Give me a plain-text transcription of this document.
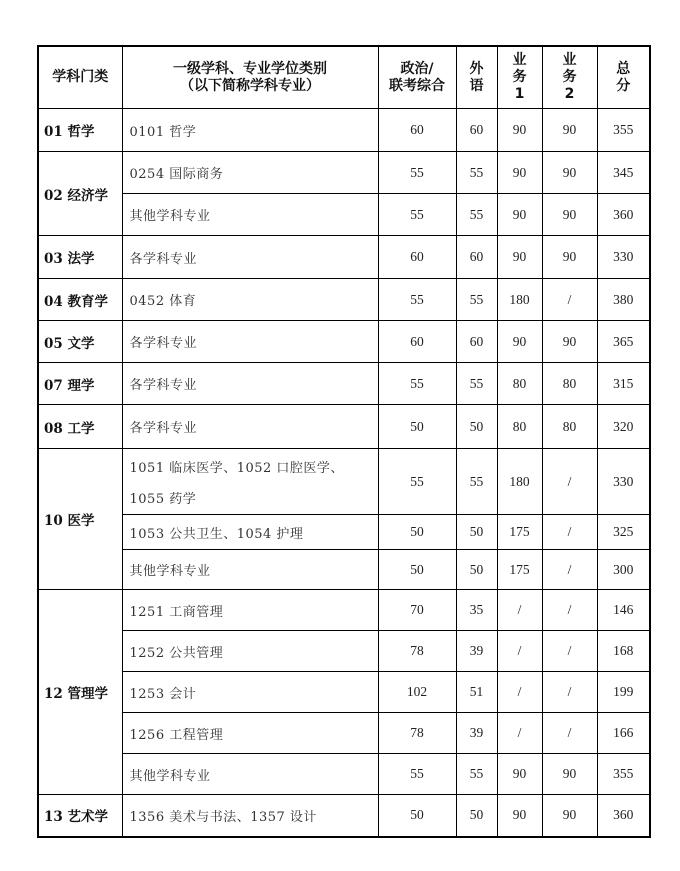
学科门类	
一级学科、专业学位类别
（以下简称学科专业）

政治/
联考综合

外
语

业
务
1

业
务
2

总
分

01 哲学	0101 哲学	60	60	90	90	355
02 经济学	0254 国际商务	55	55	90	90	345
	其他学科专业	55	55	90	90	360
03 法学	各学科专业	60	60	90	90	330
04 教育学	0452 体育	55	55	180	/	380
05 文学	各学科专业	60	60	90	90	365
07 理学	各学科专业	55	55	80	80	315
08 工学	各学科专业	50	50	80	80	320
10 医学	1051 临床医学、1052 口腔医学、
1055 药学	55	55	180	/	330
	1053 公共卫生、1054 护理	50	50	175	/	325
	其他学科专业	50	50	175	/	300
12 管理学	1251 工商管理	70	35	/	/	146
	1252 公共管理	78	39	/	/	168
	1253 会计	102	51	/	/	199
	1256 工程管理	78	39	/	/	166
	其他学科专业	55	55	90	90	355
13 艺术学	1356 美术与书法、1357 设计	50	50	90	90	360
